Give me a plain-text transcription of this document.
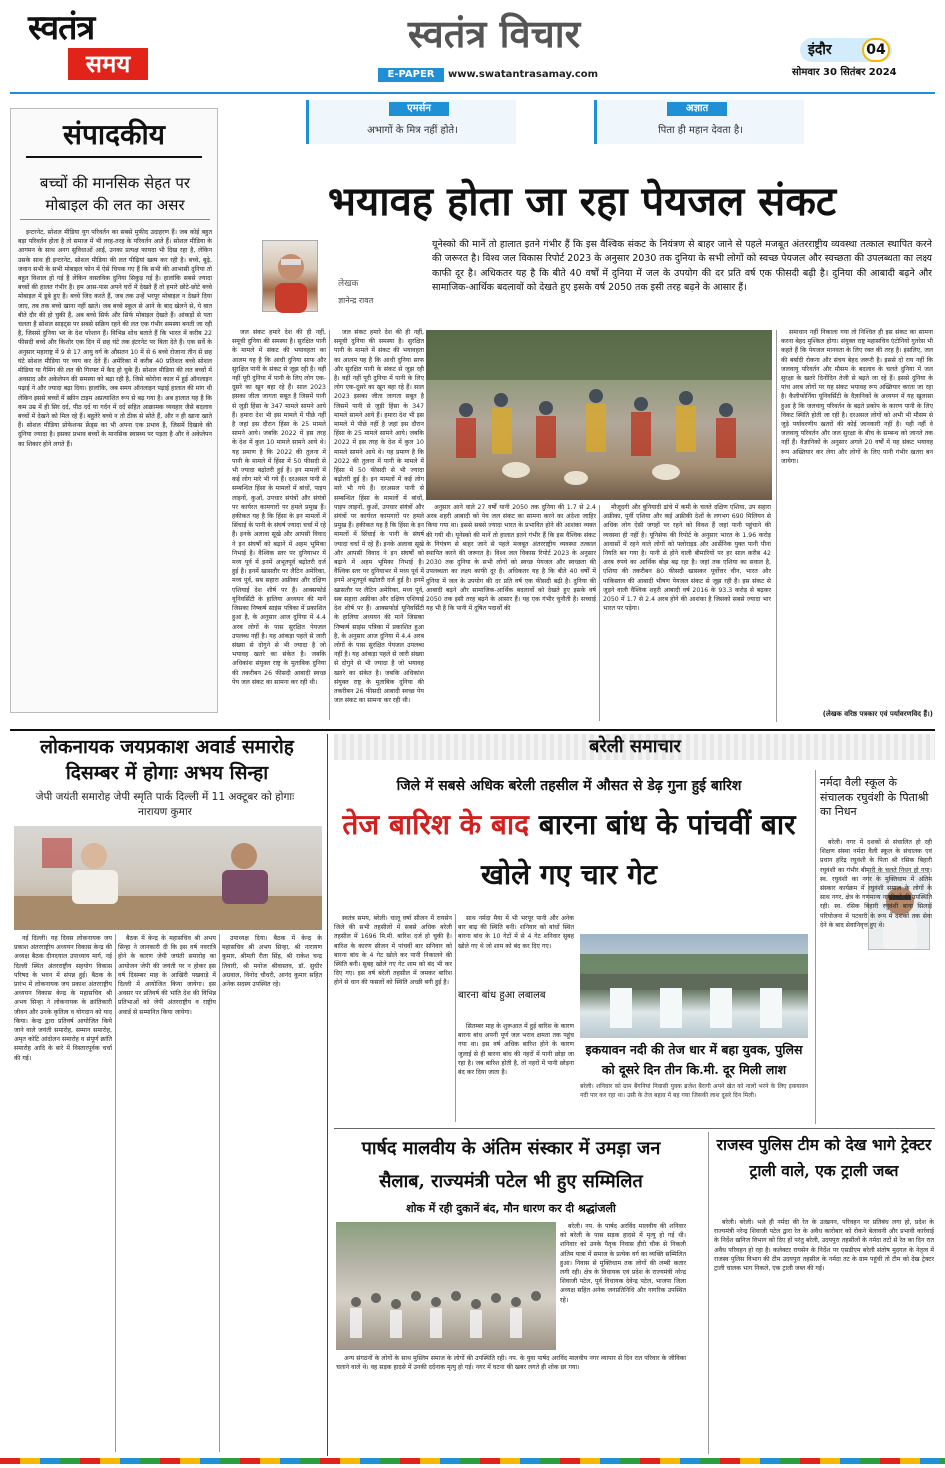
स्वतंत्र
समय
स्वतंत्र विचार
E-PAPER	www.swatantrasamay.com
इंदौर	04
सोमवार 30 सितंबर 2024
संपादकीय
बच्चों की मानसिक सेहत पर मोबाइल की लत का असर

इन्टरनेट, सोशल मीडिया युग परिवर्तन का सबसे मुफीद उदाहरण हैं। जब कोई बहुत बड़ा परिवर्तन होता है तो समाज में भी तरह-तरह के परिवर्तन आते हैं। सोशल मीडिया के आगमन के साथ अनग सुविधाओं आईं, उनका प्रत्यक्ष फायदा भी दिख रहा है, लेकिन उसके साथ ही इन्टरनेट, सोशल मीडिया की लत पीढ़ियां खत्म कर रही है। बच्चे, बूढ़े, जवान सभी के सभी मोबाइल फोन में ऐसे चिपक गए हैं कि सभी की आभासी दुनिया तो बहुत विशाल हो गई है लेकिन वास्तविक दुनिया सिकुड़ गई है। हालांकि सबसे ज्यादा बच्चों की हालत गंभीर है। हम आस-पास अपने घरों में देखते हैं तो हमारे छोटे-छोटे बच्चे मोबाइल में डूबे हुए हैं। बच्चे जिद करते हैं, जब तक उन्हें भरपूर मोबाइल न देखने दिया जाए, तब तक बच्चे खाना नहीं खाते। जब बच्चे स्कूल से आने के बाद खेलने से, ये बात बीते दौर की हो चुकी हैं, अब बच्चे सिर्फ और सिर्फ मोबाइल देखते हैं। आंकड़ों से पता चलता है सोशल साइट्स पर सबसे सक्रिय रहने की लत एक गंभीर समस्या बनती जा रही है, जिससे दुनिया भर के देश परेशान हैं। विभिन्न शोध बताते हैं कि भारत में करीब 22 फीसदी बच्चे और किशोर एक दिन में छह घंटे तक इंटरनेट पर बिता देते हैं। एक सर्वे के अनुसार महाराष्ट्र में 9 से 17 आयु वर्ग के औसतन 10 में से 6 बच्चे रोजाना तीन से छह घंटे सोशल मीडिया पर व्यय कर देते हैं। अमेरिका में करीब 40 प्रतिशत बच्चे सोशल मीडिया या गैमिंग की लत की गिरफ्त में कैद हो चुके हैं। सोशल मीडिया की लत बच्चों में अवसाद और अकेलेपन की समस्या को बढ़ा रही है, जिसे कोरोना काल में हुई ऑनलाइन पढ़ाई ने और ज्यादा बढ़ा दिया। हालांकि, जब समय ऑनलाइन पढ़ाई हालात की मांग थी लेकिन इससे बच्चों में स्क्रीन टाइम अप्रत्याशित रूप से बढ़ गया है। अब हालात यह है कि कम उम्र में ही सिर दर्द, पीठ दर्द या गर्दन में दर्द सहित आक्रामक व्यवहार जैसे बदलाव बच्चों में देखने को मिल रहे हैं। बहुतेरे बच्चे न तो ठीक से सोते हैं, और न ही खाना खाते हैं। सोशल मीडिया प्रोफेशन्स फ्रेंड्स का भी अपना एक प्रभाव है, जिसमें दिखावे की दुनिया ज्यादा है। इसका प्रभाव बच्चों के मानसिक स्वास्थ्य पर पड़ता है और वे अकेलेपन का शिकार होने लगते हैं।

एमर्सन
अभागों के मित्र नहीं होते।
अज्ञात
पिता ही महान देवता है।
भयावह होता जा रहा पेयजल संकट
लेखक
ज्ञानेन्द्र रावत
यूनेस्को की मानें तो हालात इतने गंभीर हैं कि इस वैश्विक संकट के नियंत्रण से बाहर जाने से पहले मजबूत अंतरराष्ट्रीय व्यवस्था तत्काल स्थापित करने की जरूरत है। विश्व जल विकास रिपोर्ट 2023 के अनुसार 2030 तक दुनिया के सभी लोगों को स्वच्छ पेयजल और स्वच्छता की उपलब्धता का लक्ष्य काफी दूर है। अधिकतर यह है कि बीते 40 वर्षों में दुनिया में जल के उपयोग की दर प्रति वर्ष एक फीसदी बढ़ी है। दुनिया की आबादी बढ़ने और सामाजिक-आर्थिक बदलावों को देखते हुए इसके वर्ष 2050 तक इसी तरह बढ़ने के आसार हैं।

जल संकट हमारे देश की ही नहीं, समूची दुनिया की समस्या है। सुरक्षित पानी के मामले में संकट की भयावहता का आलम यह है कि आधी दुनिया साफ और सुरक्षित पानी के संकट से जूझ रही है। वहीं नहीं पूरी दुनिया में पानी के लिए लोग एक-दूसरे का खून बहा रहे हैं। साल 2023 इसका जीता जागता सबूत है जिसमें पानी से जुड़ी हिंसा के 347 मामले सामने आये हैं। हमारा देश भी इस मामले में पीछे नहीं है जहां इस दौरान हिंसा के 25 मामले सामने आये। जबकि 2022 में इस तरह के देश में कुल 10 मामले सामने आये थे। यह प्रमाण है कि 2022 की तुलना में पानी के मामले में हिंसा में 50 फीसदी से भी ज्यादा बढ़ोतरी हुई है। इन मामलों में कई लोग मारे भी गये हैं। दरअसल पानी से सम्बन्धित हिंसा के मामलों में बांधों, पाइप लाइनों, कुओं, उपचार संयंत्रों और संयंत्रों पर कार्यरत कामगारों पर हमले प्रमुख हैं। हकीकत यह है कि हिंसा के इन मामलों में सिंचाई के पानी के संघर्ष ज्यादा चर्चा में रहे हैं। इनके अलावा सूखे और आपसी विवाद ने इन संघर्षों को बढ़ाने में अहम भूमिका निभाई है। वैश्विक स्तर पर दुनियाभर में मध्य पूर्व में इनमें अभूतपूर्व बढ़ोतरी दर्ज हुई है। इनमें खासतौर पर लैटिन अमेरिका, मध्य पूर्व, सब सहारा अफ्रीका और दक्षिण एशियाई देश शीर्ष पर हैं। आक्सफोर्ड यूनिवर्सिटी के हालिया अध्ययन की मानें जिसका निष्कर्ष साइंस पत्रिका में प्रकाशित हुआ है, के अनुसार आज दुनिया में 4.4 अरब लोगों के पास सुरक्षित पेयजल उपलब्ध नहीं है। यह आंकड़ा पहले से जारी संख्या से दोगुने से भी ज्यादा है जो भयावह खतरे का संकेत है। जबकि अधिकांश संयुक्त राष्ट्र के मुताबिक दुनिया की तकरीबन 26 फीसदी आबादी स्वच्छ पेय जल संकट का सामना कर रही थी।

जल संकट हमारे देश की ही नहीं, समूची दुनिया की समस्या है। सुरक्षित पानी के मामले में संकट की भयावहता का आलम यह है कि आधी दुनिया साफ और सुरक्षित पानी के संकट से जूझ रही है। वहीं नहीं पूरी दुनिया में पानी के लिए लोग एक-दूसरे का खून बहा रहे हैं। साल 2023 इसका जीता जागता सबूत है जिसमें पानी से जुड़ी हिंसा के 347 मामले सामने आये हैं। हमारा देश भी इस मामले में पीछे नहीं है जहां इस दौरान हिंसा के 25 मामले सामने आये। जबकि 2022 में इस तरह के देश में कुल 10 मामले सामने आये थे। यह प्रमाण है कि 2022 की तुलना में पानी के मामले में हिंसा में 50 फीसदी से भी ज्यादा बढ़ोतरी हुई है। इन मामलों में कई लोग मारे भी गये हैं। दरअसल पानी से सम्बन्धित हिंसा के मामलों में बांधों, पाइप लाइनों, कुओं, उपचार संयंत्रों और संयंत्रों पर कार्यरत कामगारों पर हमले प्रमुख हैं। हकीकत यह है कि हिंसा के इन मामलों में सिंचाई के पानी के संघर्ष ज्यादा चर्चा में रहे हैं। इनके अलावा सूखे और आपसी विवाद ने इन संघर्षों को बढ़ाने में अहम भूमिका निभाई है। वैश्विक स्तर पर दुनियाभर में मध्य पूर्व में इनमें अभूतपूर्व बढ़ोतरी दर्ज हुई है। इनमें खासतौर पर लैटिन अमेरिका, मध्य पूर्व, सब सहारा अफ्रीका और दक्षिण एशियाई देश शीर्ष पर हैं। आक्सफोर्ड यूनिवर्सिटी के हालिया अध्ययन की मानें जिसका निष्कर्ष साइंस पत्रिका में प्रकाशित हुआ है, के अनुसार आज दुनिया में 4.4 अरब लोगों के पास सुरक्षित पेयजल उपलब्ध नहीं है। यह आंकड़ा पहले से जारी संख्या से दोगुने से भी ज्यादा है जो भयावह खतरे का संकेत है। जबकि अधिकांश संयुक्त राष्ट्र के मुताबिक दुनिया की तकरीबन 26 फीसदी आबादी स्वच्छ पेय जल संकट का सामना कर रही थी।

अनुसार आने वाले 27 वर्षों यानी 2050 तक दुनिया की 1.7 से 2.4 अरब शहरी आबादी को पेय जल संकट का सामना करने का अंदेशा जाहिर किया गया था। इससे सबसे ज्यादा भारत के प्रभावित होने की आशंका व्यक्त की गयी थी। यूनेस्को की मानें तो हालात इतने गंभीर हैं कि इस वैश्विक संकट के नियंत्रण से बाहर जाने से पहले मजबूत अंतरराष्ट्रीय व्यवस्था तत्काल स्थापित करने की जरूरत है। विश्व जल विकास रिपोर्ट 2023 के अनुसार 2030 तक दुनिया के सभी लोगों को स्वच्छ पेयजल और स्वच्छता की उपलब्धता का लक्ष्य काफी दूर है। अधिकतर यह है कि बीते 40 वर्षों में दुनिया में जल के उपयोग की दर प्रति वर्ष एक फीसदी बढ़ी है। दुनिया की आबादी बढ़ने और सामाजिक-आर्थिक बदलावों को देखते हुए इसके वर्ष 2050 तक इसी तरह बढ़ने के आसार हैं। यह एक गंभीर चुनौती है। सच्चाई यह भी है कि पानी में दूषित पदार्थों की

मौजूदगी और बुनियादी ढांचे में कमी के चलते दक्षिण एशिया, उप सहारा अफ्रीका, पूर्वी एशिया और कई अफ्रीकी देशों के लगभग 690 मिलियन से अधिक लोग ऐसी जगहों पर रहने को विवश हैं जहां पानी पहुंचाने की व्यवस्था ही नहीं है। यूनिसेफ की रिपोर्ट के अनुसार भारत के 1.96 करोड़ आवासों में रहने वाले लोगों को फ्लोराइड और आर्सेनिक युक्त पानी पीना नियति बन गया है। पानी से होने वाली बीमारियों पर हर साल करीब 42 अरब रुपये का आर्थिक बोझ बढ़ रहा है। जहां तक एशिया का सवाल है, एशिया की तकरीबन 80 फीसदी खासकर पूर्वोत्तर चीन, भारत और पाकिस्तान की आबादी भीषण पेयजल संकट से जूझ रही है। इस संकट से जुड़ने वाली वैश्विक शहरी आबादी वर्ष 2016 के 93.3 करोड़ से बढ़कर 2050 में 1.7 से 2.4 अरब होने की आशंका है जिसको सबसे ज्यादा भार भारत पर पड़ेगा।

समाधान नहीं निकाला गया तो निश्चित ही इस संकट का सामना करना बेहद मुश्किल होगा। संयुक्त राष्ट्र महासचिव एंटोनियो गुतरेस भी कहते हैं कि पेयजल मानवता के लिए रक्त की तरह है। इसलिए, जल की बर्बादी रोकना और संचय बेहद जरूरी है। इससे दो राय नहीं कि जलवायु परिवर्तन और मौसम के बदलाव के चलते दुनिया में जल सुरक्षा के खतरे दिनोंदिन तेजी से बढ़ते जा रहे हैं। इससे दुनिया के पांच अरब लोगों पर यह संकट भयावह रूप अख्तियार करता जा रहा है। कैलीफोर्निया यूनिवर्सिटी के वैज्ञानिकों के अध्ययन में यह खुलासा हुआ है कि जलवायु परिवर्तन के बढ़ते प्रकोप के कारण पानी के लिए विकट स्थिति होती जा रही है। दरअसल लोगों को अभी भी मौसम से जुड़े पर्यावरणीय खतरों की कोई जानकारी नहीं है। यही नहीं वे जलवायु परिवर्तन और जल सुरक्षा के बीच के सम्बन्ध को जानते तक नहीं हैं। वैज्ञानिकों के अनुसार अगले 20 वर्षों में यह संकट भयावह रूप अख्तियार कर लेगा और लोगों के लिए पानी गंभीर खतरा बन जायेगा।

(लेखक वरिष्ठ पत्रकार एवं पर्यावरणविद हैं।)
लोकनायक जयप्रकाश अवार्ड समारोह दिसम्बर में होगाः अभय सिन्हा
जेपी जयंती समारोह जेपी स्मृति पार्क दिल्ली में 11 अक्टूबर को होगाः नारायण कुमार

नई दिल्ली। यह दिवस लोकनायक जय प्रकाश अंतरराष्ट्रीय अध्ययन विकास केन्द्र की अध्यक्ष बैठक दीनदयाल उपाध्याय मार्ग, नई दिल्ली स्थित अंतरराष्ट्रीय सहयोग विकास परिषद के भवन में संपन्न हुई। बैठक के प्रारंभ में लोकनायक जय प्रकाश अंतरराष्ट्रीय अध्ययन विकास केन्द्र के महासचिव श्री अभय सिन्हा ने लोकनायक के क्रांतिकारी जीवन और उनके कृतित्व व योगदान को याद किया। केन्द्र द्वारा प्रतिवर्ष आयोजित किये जाने वाले जयंती समारोह, सम्मान समारोह, अमृत कोटि आंदोलन समारोह व संपूर्ण क्रांति समारोह आदि के बारे में विस्तारपूर्वक चर्चा की गई।

बैठक में केन्द्र के महासचिव श्री अभय सिन्हा ने जानकारी दी कि इस वर्ष नवरात्रि होने के कारण जेपी जयंती समारोह का आयोजन जेपी की जयंती पर न होकर इस वर्ष दिसम्बर माह के आखिरी पखवाड़े में दिल्ली में आयोजित किया जायेगा। इस अवसर पर प्रतिवर्ष की भांति देश की विभिन्न प्रतिभाओं को जेपी अंतरराष्ट्रीय व राष्ट्रीय अवार्ड से सम्मानित किया जायेगा।

उपाध्यक्ष दिया। बैठक में केन्द्र के महासचिव श्री अभय सिन्हा, श्री नारायण कुमार, श्रीमती रीता सिंह, श्री राकेश चन्द्र तिवारी, श्री मनोज श्रीवास्तव, डॉ. सुधीर अग्रवाल, विनोद चौधरी, आनंद कुमार सहित अनेक सदस्य उपस्थित रहे।

बरेली समाचार
जिले में सबसे अधिक बरेली तहसील में औसत से डेढ़ गुना हुई बारिश
तेज बारिश के बाद बारना बांध के पांचवीं बार खोले गए चार गेट

स्वतंत्र समय, बरेली। चालू वर्षा सीजन में रायसेन जिले की सभी तहसीलों में सबसे अधिक बरेली तहसील में 1696 मि.मी. बारिश दर्ज हो चुकी है। बारिश के कारण सीजन में पांचवीं बार सनिवार को बारना बांध के 4 गेट खोले कर पानी निकालने की स्थिति बनी। सुबह खोले गए गेट शाम को बंद भी कर दिए गए। इस वर्ष बरेली तहसील में जमकर बारिश होने से धान की फसलों को स्थिति अच्छी बनी हुई है।

साथ नर्मदा मैया में भी भरपूर पानी और अनेक बार बाढ़ की स्थिति बनी। शनिवार को बांधों स्थित बारना बांध के 10 गेटों में से 4 गेट शनिवार सुबह खोले गए थे जो शाम को बंद कर दिए गए।

बारना बांध हुआ लबालब

सितम्बर माह के शुरूआत में हुई बारिश के कारण बारना बांध अपनी पूर्ण जल भराव क्षमता तक पहुंच गया था। इस वर्ष अधिक बारिश होने के कारण जुलाई से ही बारना बांध की नहरों में पानी छोड़ा जा रहा है। जब बारिश होती है, तो नहरों में पानी छोड़ना बंद कर दिया जाता है।

इकयावन नदी की तेज धार में बहा युवक, पुलिस को दूसरे दिन तीन कि.मी. दूर मिली लाश
बरेली। शनिवार को ग्राम बैंगनियां निवासी युवक ब्रजेश बैरागी अपने खेत को नालों भरने के लिए इकयावन नदी पार कर रहा था। उसी के तेज बहाव में बह गया जिसकी लाश दूसरे दिन मिली।
नर्मदा वैली स्कूल के संचालक रघुवंशी के पिताश्री का निधन

बरेली। नगर में दशकों से संचालित हो रही शिक्षण संस्था नर्मदा वैली स्कूल के संचालक एवं प्रधान हरिंद्र रघुवंशी के पिता श्री रसिक बिहारी रघुवंशी का गंभीर बीमारी के चलते निधन हो गया। स्व. रघुवंशी का नगर के मुक्तिधाम में अंतिम संस्कार कार्यक्रम में रघुवंशी समाज के लोगों के साथ नगर, क्षेत्र के गणमान्य नागरिकों की उपस्थिति रही। स्व. रसिक बिहारी रघुवंशी बाना सिलाई परियोजना में पटवारी के रूप में दशकों तक सेवा देने के बाद सेवानिवृत्त हुए थे।

पार्षद मालवीय के अंतिम संस्कार में उमड़ा जन सैलाब, राज्यमंत्री पटेल भी हुए सम्मिलित
शोक में रही दुकानें बंद, मौन धारण कर दी श्रद्धांजली

बरेली। नप. के पार्षद अरविंद मालवीय की शनिवार को बरेली के पास सड़क हादसे में मृत्यु हो गई थी। शनिवार को उनके पैतृक निवास हीरो चौक से निकली अंतिम यात्रा में समाज के प्रत्येक वर्ग का व्यक्ति सम्मिलित हुआ। निवास से मुक्तिधाम तक लोगों की लम्बी कतार लगी रही। क्षेत्र के विधायक एवं प्रदेश के राज्यमंत्री नरेन्द्र शिवाजी पटेल, पूर्व विधायक देवेन्द्र पटेल, भाजपा जिला अध्यक्ष सहित अनेक जनप्रतिनिधि और नागरिक उपस्थित रहे।

अन्य संगठनों के लोगों के साथ मुस्लिम समाज के लोगों की उपस्थिति रही। नप. के युवा पार्षद अरविंद मालवीय नगर व्यापार से दिन रात परिवार के जीविका चलाने वाले थे। वह सड़क हादसे में उनकी दर्दनाक मृत्यु हो गई। नगर में घटना की खबर लगते ही शोक छा गया।

राजस्व पुलिस टीम को देख भागे ट्रेक्टर ट्राली वाले, एक ट्राली जब्त

बरेली। बरेली। भले ही नर्मदा की रेत के उत्खनन, परिवहन पर प्रतिबंध लगा हो, प्रदेश के राज्यमंत्री नरेन्द्र शिवाजी पटेल द्वारा रेत के अवैध कारोबार को रोकने बेलावनी और प्रभावी कार्रवाई के निर्देश खनिज विभाग को दिए हों परंतु बरेली, उदयपुरा तहसीलों के नर्मदा तटों से रेत का दिन रात अवैध परिवहन हो रहा है। कलेक्टर रायसेन के निर्देश पर एसडीएम बरेली संतोष मुदगल के नेतृत्व में राजस्व पुलिस विभाग की टीम उदयपुरा तहसील के नर्मदा तट के ग्राम पहुंची तो टीम को देख ट्रेक्टर ट्राली चालक भाग निकले, एक ट्राली जब्त की गई।
